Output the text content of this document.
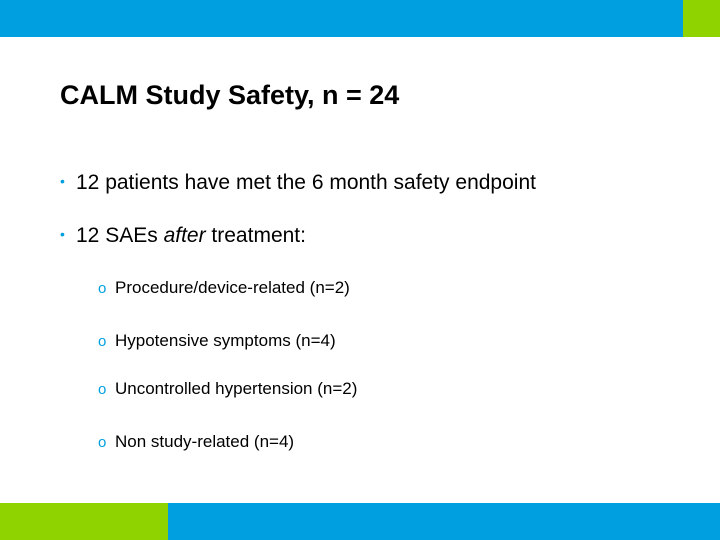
CALM Study Safety, n = 24
• 12 patients have met the 6 month safety endpoint
• 12 SAEs after treatment:
o Procedure/device-related (n=2)
o Hypotensive symptoms (n=4)
o Uncontrolled hypertension (n=2)
o Non study-related (n=4)
